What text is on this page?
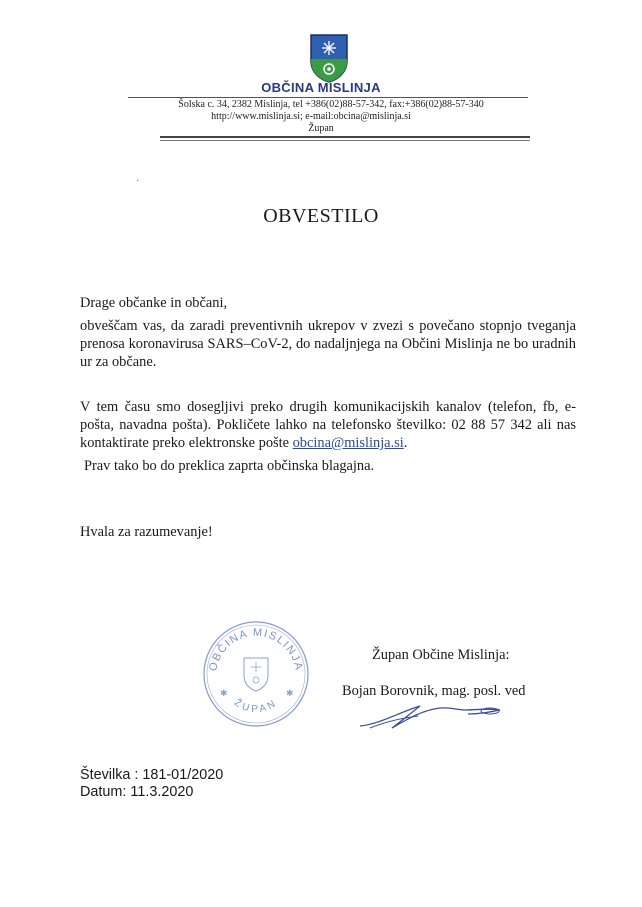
OBČINA MISLINJA
Šolska c. 34, 2382 Mislinja, tel +386(02)88-57-342, fax:+386(02)88-57-340
http://www.mislinja.si; e-mail:obcina@mislinja.si
Župan
·
OBVESTILO
Drage občanke in občani,
obveščam vas, da zaradi preventivnih ukrepov v zvezi s povečano stopnjo tveganja prenosa koronavirusa SARS–CoV-2, do nadaljnjega na Občini Mislinja ne bo uradnih ur za občane.
V tem času smo dosegljivi preko drugih komunikacijskih kanalov (telefon, fb, e-pošta, navadna pošta). Pokličete lahko na telefonsko številko: 02 88 57 342 ali nas kontaktirate preko elektronske pošte obcina@mislinja.si.
Prav tako bo do preklica zaprta občinska blagajna.
Hvala za razumevanje!
OBČINA MISLINJA
ŽUPAN
✱	✱
Župan Občine Mislinja:
Bojan Borovnik, mag. posl. ved
Številka : 181-01/2020
Datum: 11.3.2020
